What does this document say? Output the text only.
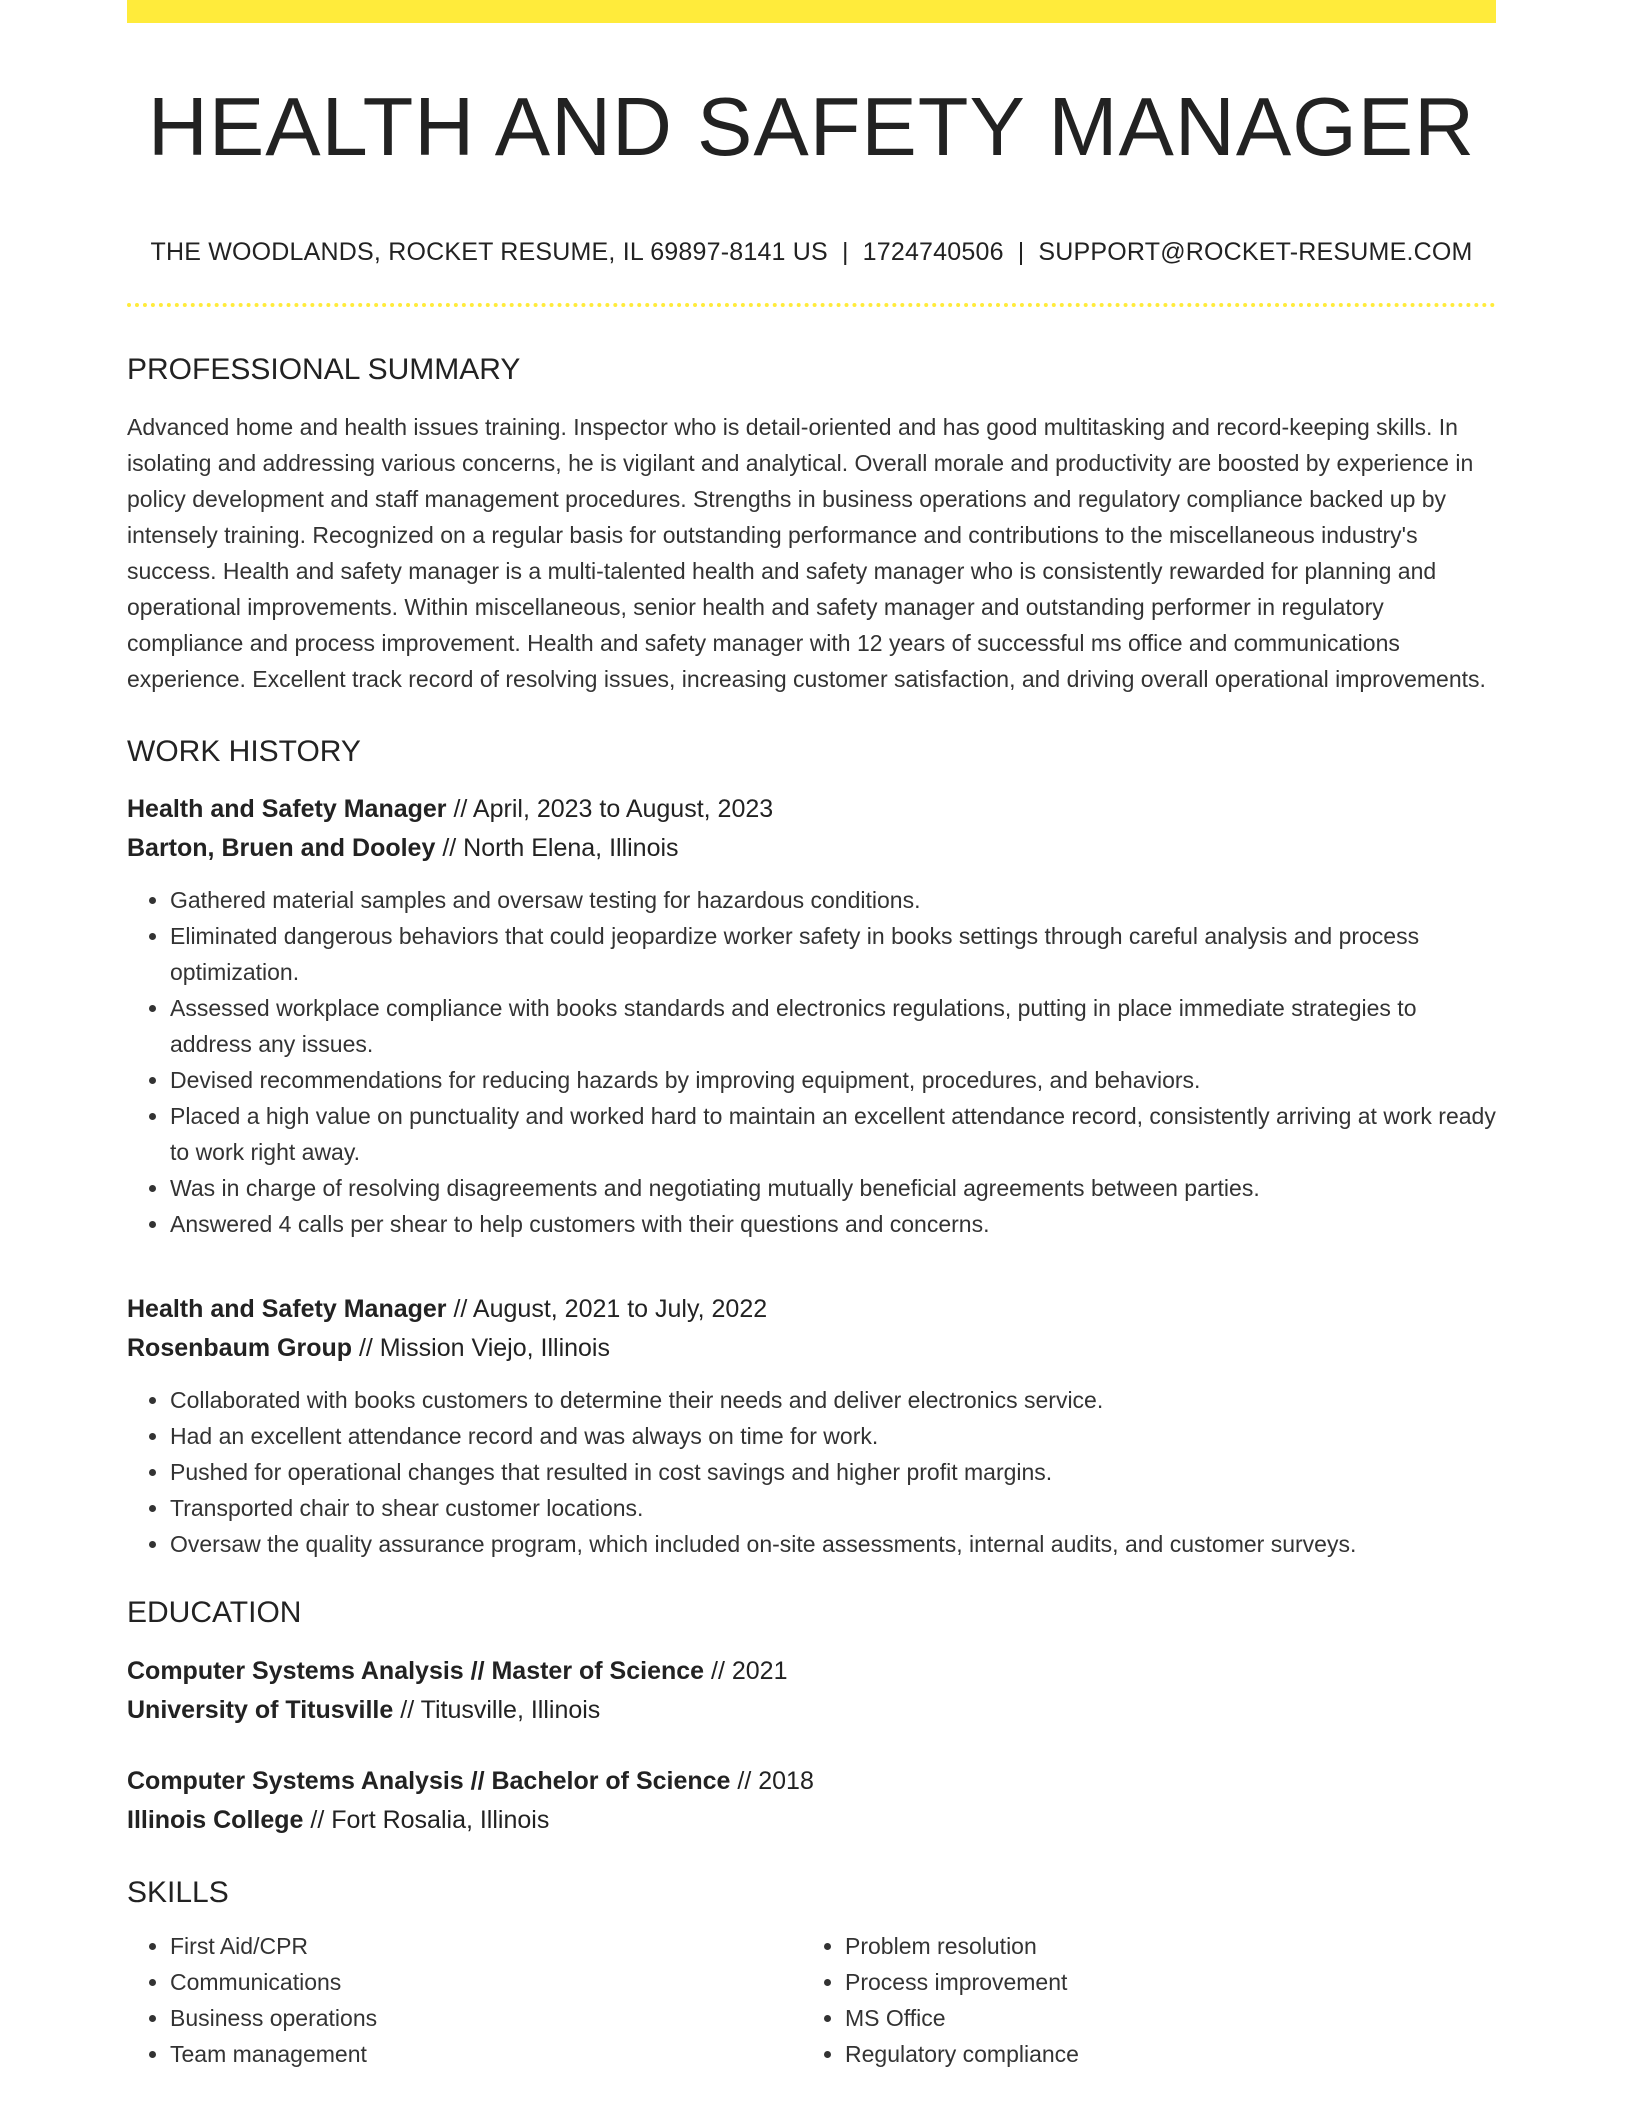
HEALTH AND SAFETY MANAGER
THE WOODLANDS, ROCKET RESUME, IL 69897-8141 US | 1724740506 | SUPPORT@ROCKET-RESUME.COM
PROFESSIONAL SUMMARY
Advanced home and health issues training. Inspector who is detail-oriented and has good multitasking and record-keeping skills. In isolating and addressing various concerns, he is vigilant and analytical. Overall morale and productivity are boosted by experience in policy development and staff management procedures. Strengths in business operations and regulatory compliance backed up by intensely training. Recognized on a regular basis for outstanding performance and contributions to the miscellaneous industry's success. Health and safety manager is a multi-talented health and safety manager who is consistently rewarded for planning and operational improvements. Within miscellaneous, senior health and safety manager and outstanding performer in regulatory compliance and process improvement. Health and safety manager with 12 years of successful ms office and communications experience. Excellent track record of resolving issues, increasing customer satisfaction, and driving overall operational improvements.
WORK HISTORY
Health and Safety Manager // April, 2023 to August, 2023
Barton, Bruen and Dooley // North Elena, Illinois
• Gathered material samples and oversaw testing for hazardous conditions.
• Eliminated dangerous behaviors that could jeopardize worker safety in books settings through careful analysis and process optimization.
• Assessed workplace compliance with books standards and electronics regulations, putting in place immediate strategies to address any issues.
• Devised recommendations for reducing hazards by improving equipment, procedures, and behaviors.
• Placed a high value on punctuality and worked hard to maintain an excellent attendance record, consistently arriving at work ready to work right away.
• Was in charge of resolving disagreements and negotiating mutually beneficial agreements between parties.
• Answered 4 calls per shear to help customers with their questions and concerns.
Health and Safety Manager // August, 2021 to July, 2022
Rosenbaum Group // Mission Viejo, Illinois
• Collaborated with books customers to determine their needs and deliver electronics service.
• Had an excellent attendance record and was always on time for work.
• Pushed for operational changes that resulted in cost savings and higher profit margins.
• Transported chair to shear customer locations.
• Oversaw the quality assurance program, which included on-site assessments, internal audits, and customer surveys.
EDUCATION
Computer Systems Analysis // Master of Science // 2021
University of Titusville // Titusville, Illinois
Computer Systems Analysis // Bachelor of Science // 2018
Illinois College // Fort Rosalia, Illinois
SKILLS
• First Aid/CPR
• Communications
• Business operations
• Team management
• Problem resolution
• Process improvement
• MS Office
• Regulatory compliance
